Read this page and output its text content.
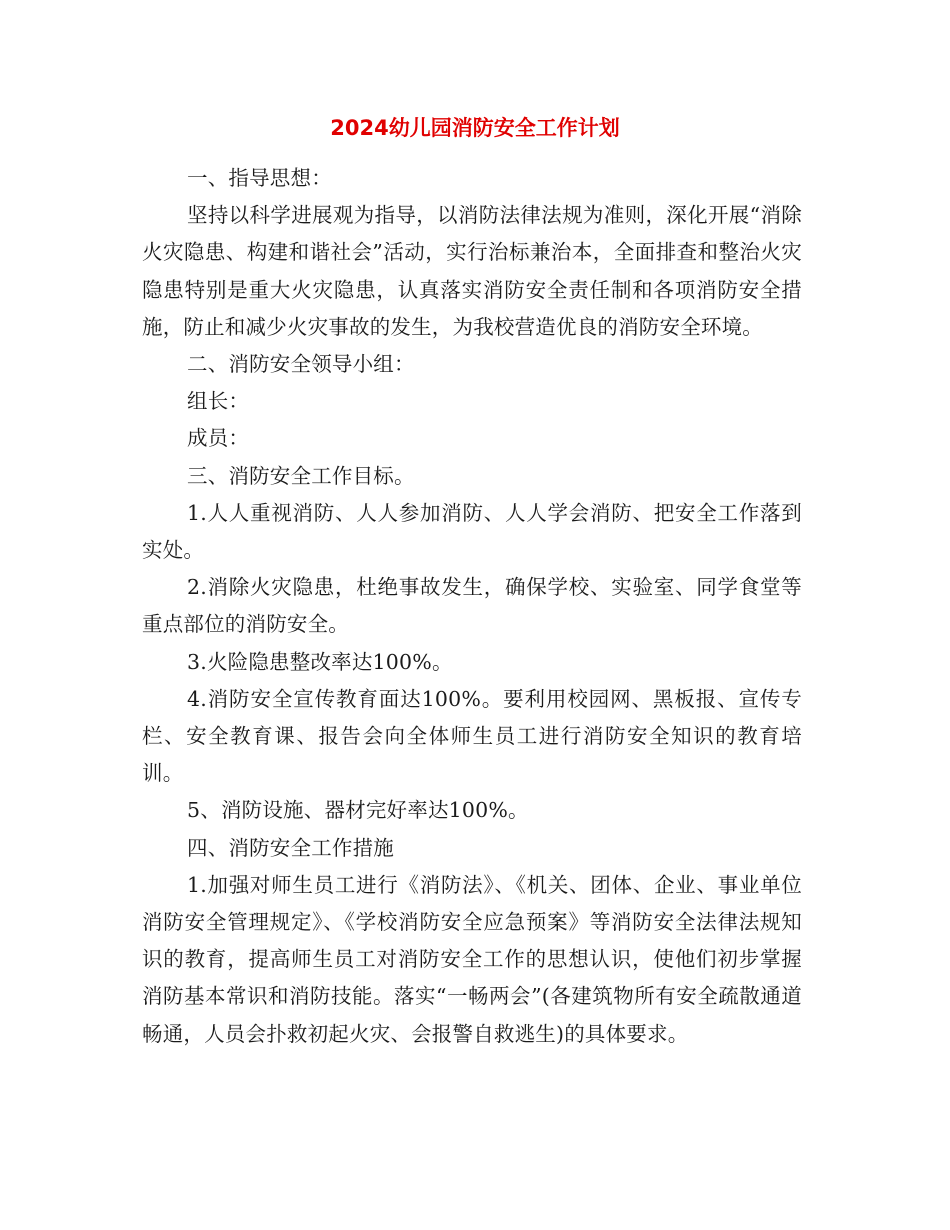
2024幼儿园消防安全工作计划

一、指导思想：

坚持以科学进展观为指导，以消防法律法规为准则，深化开展“消除火灾隐患、构建和谐社会”活动，实行治标兼治本，全面排查和整治火灾隐患特别是重大火灾隐患，认真落实消防安全责任制和各项消防安全措施，防止和减少火灾事故的发生，为我校营造优良的消防安全环境。

二、消防安全领导小组：

组长：

成员：

三、消防安全工作目标。

1.人人重视消防、人人参加消防、人人学会消防、把安全工作落到实处。

2.消除火灾隐患，杜绝事故发生，确保学校、实验室、同学食堂等重点部位的消防安全。

3.火险隐患整改率达100%。

4.消防安全宣传教育面达100%。要利用校园网、黑板报、宣传专栏、安全教育课、报告会向全体师生员工进行消防安全知识的教育培训。

5、消防设施、器材完好率达100%。

四、消防安全工作措施

1.加强对师生员工进行《消防法》、《机关、团体、企业、事业单位消防安全管理规定》、《学校消防安全应急预案》等消防安全法律法规知识的教育，提高师生员工对消防安全工作的思想认识，使他们初步掌握消防基本常识和消防技能。落实“一畅两会”(各建筑物所有安全疏散通道畅通，人员会扑救初起火灾、会报警自救逃生)的具体要求。
